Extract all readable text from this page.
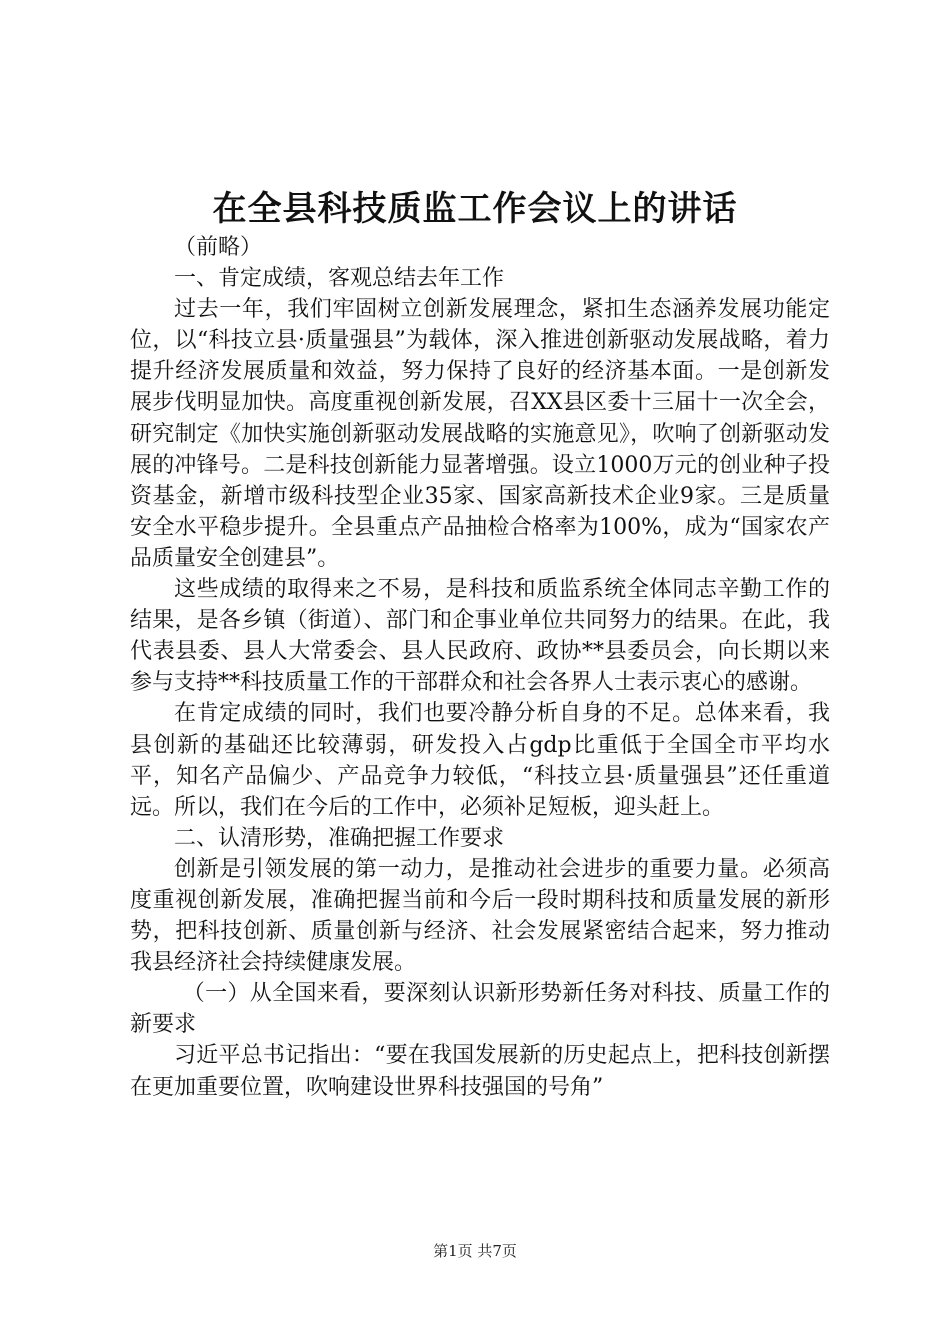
在全县科技质监工作会议上的讲话

（前略）

一、肯定成绩，客观总结去年工作

过去一年，我们牢固树立创新发展理念，紧扣生态涵养发展功能定位，以“科技立县·质量强县”为载体，深入推进创新驱动发展战略，着力提升经济发展质量和效益，努力保持了良好的经济基本面。一是创新发展步伐明显加快。高度重视创新发展，召XX县区委十三届十一次全会，研究制定《加快实施创新驱动发展战略的实施意见》，吹响了创新驱动发展的冲锋号。二是科技创新能力显著增强。设立1000万元的创业种子投资基金，新增市级科技型企业35家、国家高新技术企业9家。三是质量安全水平稳步提升。全县重点产品抽检合格率为100%，成为“国家农产品质量安全创建县”。

这些成绩的取得来之不易，是科技和质监系统全体同志辛勤工作的结果，是各乡镇（街道）、部门和企事业单位共同努力的结果。在此，我代表县委、县人大常委会、县人民政府、政协**县委员会，向长期以来参与支持**科技质量工作的干部群众和社会各界人士表示衷心的感谢。

在肯定成绩的同时，我们也要冷静分析自身的不足。总体来看，我县创新的基础还比较薄弱，研发投入占gdp比重低于全国全市平均水平，知名产品偏少、产品竞争力较低，“科技立县·质量强县”还任重道远。所以，我们在今后的工作中，必须补足短板，迎头赶上。

二、认清形势，准确把握工作要求

创新是引领发展的第一动力，是推动社会进步的重要力量。必须高度重视创新发展，准确把握当前和今后一段时期科技和质量发展的新形势，把科技创新、质量创新与经济、社会发展紧密结合起来，努力推动我县经济社会持续健康发展。

（一）从全国来看，要深刻认识新形势新任务对科技、质量工作的新要求

习近平总书记指出：“要在我国发展新的历史起点上，把科技创新摆在更加重要位置，吹响建设世界科技强国的号角”

第1页 共7页
